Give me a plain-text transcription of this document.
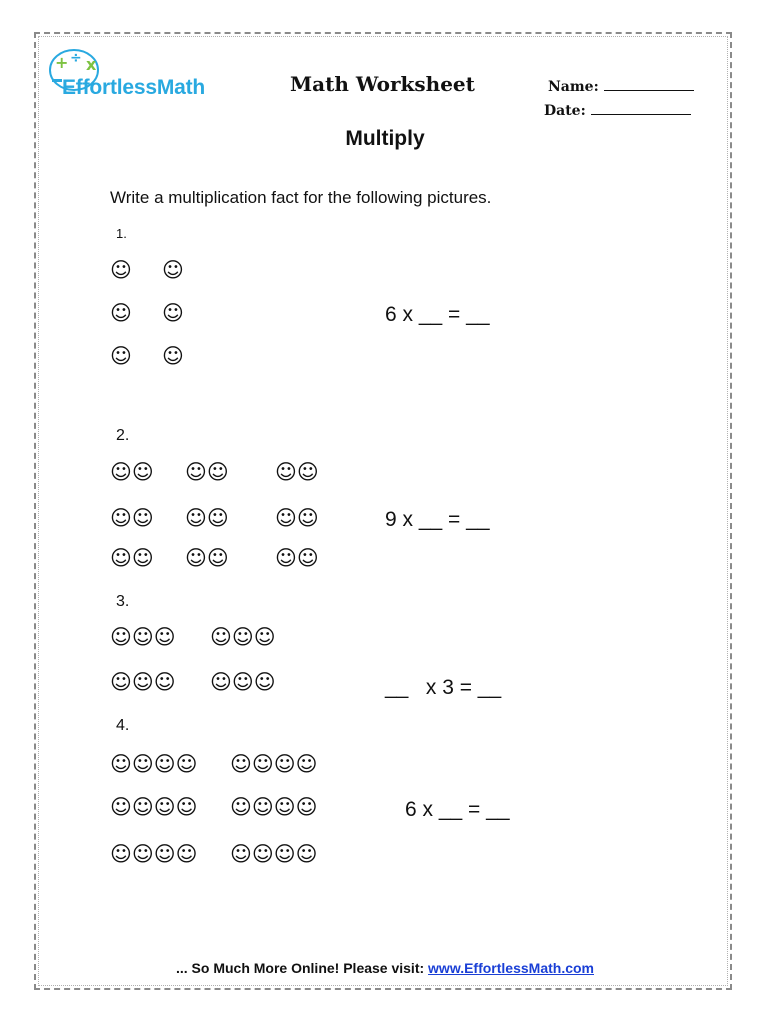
+ ÷ x
EffortlessMath	Math Worksheet	Name:
Date:
Multiply
Write a multiplication fact for the following pictures.
1.
☺ ☺
☺ ☺
☺ ☺
6 x __ = __
2.
☺☺ ☺☺ ☺☺
☺☺ ☺☺ ☺☺
☺☺ ☺☺ ☺☺
9 x __ = __
3.
☺☺☺ ☺☺☺
☺☺☺ ☺☺☺	__   x 3 = __
4.
☺☺☺☺ ☺☺☺☺
☺☺☺☺ ☺☺☺☺
☺☺☺☺ ☺☺☺☺
6 x __ = __
... So Much More Online! Please visit: www.EffortlessMath.com
